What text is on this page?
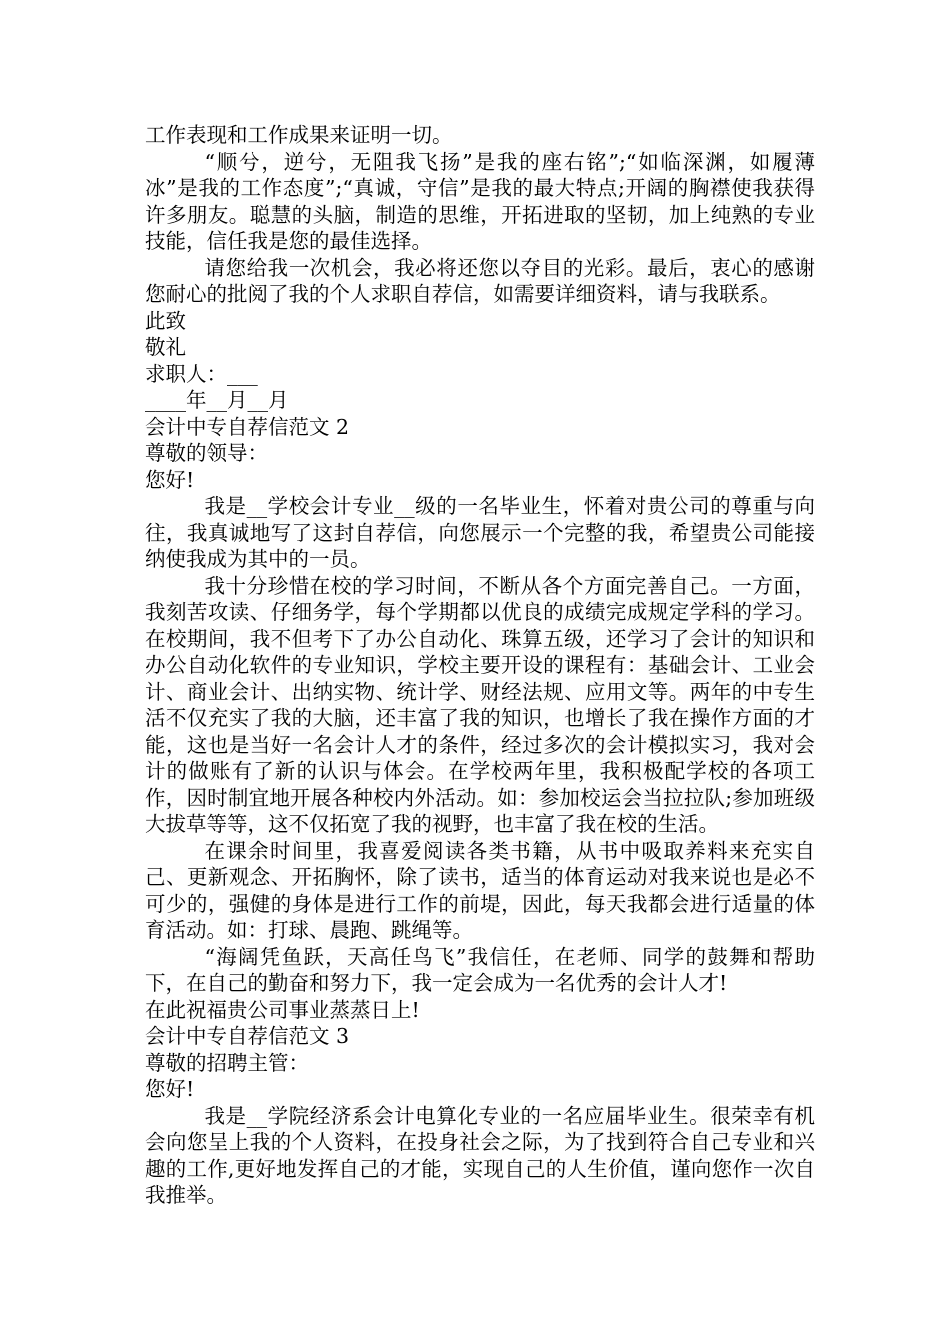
工作表现和工作成果来证明一切。

“顺兮，逆兮，无阻我飞扬”是我的座右铭”;“如临深渊，如履薄冰”是我的工作态度”;“真诚，守信”是我的最大特点;开阔的胸襟使我获得许多朋友。聪慧的头脑，制造的思维，开拓进取的坚韧，加上纯熟的专业技能，信任我是您的最佳选择。

请您给我一次机会，我必将还您以夺目的光彩。最后，衷心的感谢您耐心的批阅了我的个人求职自荐信，如需要详细资料，请与我联系。

此致

敬礼

求职人：___

____年__月__月

会计中专自荐信范文 2

尊敬的领导：

您好!

我是__学校会计专业__级的一名毕业生，怀着对贵公司的尊重与向往，我真诚地写了这封自荐信，向您展示一个完整的我，希望贵公司能接纳使我成为其中的一员。

我十分珍惜在校的学习时间，不断从各个方面完善自己。一方面，我刻苦攻读、仔细务学，每个学期都以优良的成绩完成规定学科的学习。在校期间，我不但考下了办公自动化、珠算五级，还学习了会计的知识和办公自动化软件的专业知识，学校主要开设的课程有：基础会计、工业会计、商业会计、出纳实物、统计学、财经法规、应用文等。两年的中专生活不仅充实了我的大脑，还丰富了我的知识，也增长了我在操作方面的才能，这也是当好一名会计人才的条件，经过多次的会计模拟实习，我对会计的做账有了新的认识与体会。在学校两年里，我积极配学校的各项工作，因时制宜地开展各种校内外活动。如：参加校运会当拉拉队;参加班级大拔草等等，这不仅拓宽了我的视野，也丰富了我在校的生活。

在课余时间里，我喜爱阅读各类书籍，从书中吸取养料来充实自己、更新观念、开拓胸怀，除了读书，适当的体育运动对我来说也是必不可少的，强健的身体是进行工作的前堤，因此，每天我都会进行适量的体育活动。如：打球、晨跑、跳绳等。

“海阔凭鱼跃，天高任鸟飞”我信任，在老师、同学的鼓舞和帮助下，在自己的勤奋和努力下，我一定会成为一名优秀的会计人才!

在此祝福贵公司事业蒸蒸日上!

会计中专自荐信范文 3

尊敬的招聘主管：

您好!

我是__学院经济系会计电算化专业的一名应届毕业生。很荣幸有机会向您呈上我的个人资料，在投身社会之际，为了找到符合自己专业和兴趣的工作,更好地发挥自己的才能，实现自己的人生价值，谨向您作一次自我推举。
